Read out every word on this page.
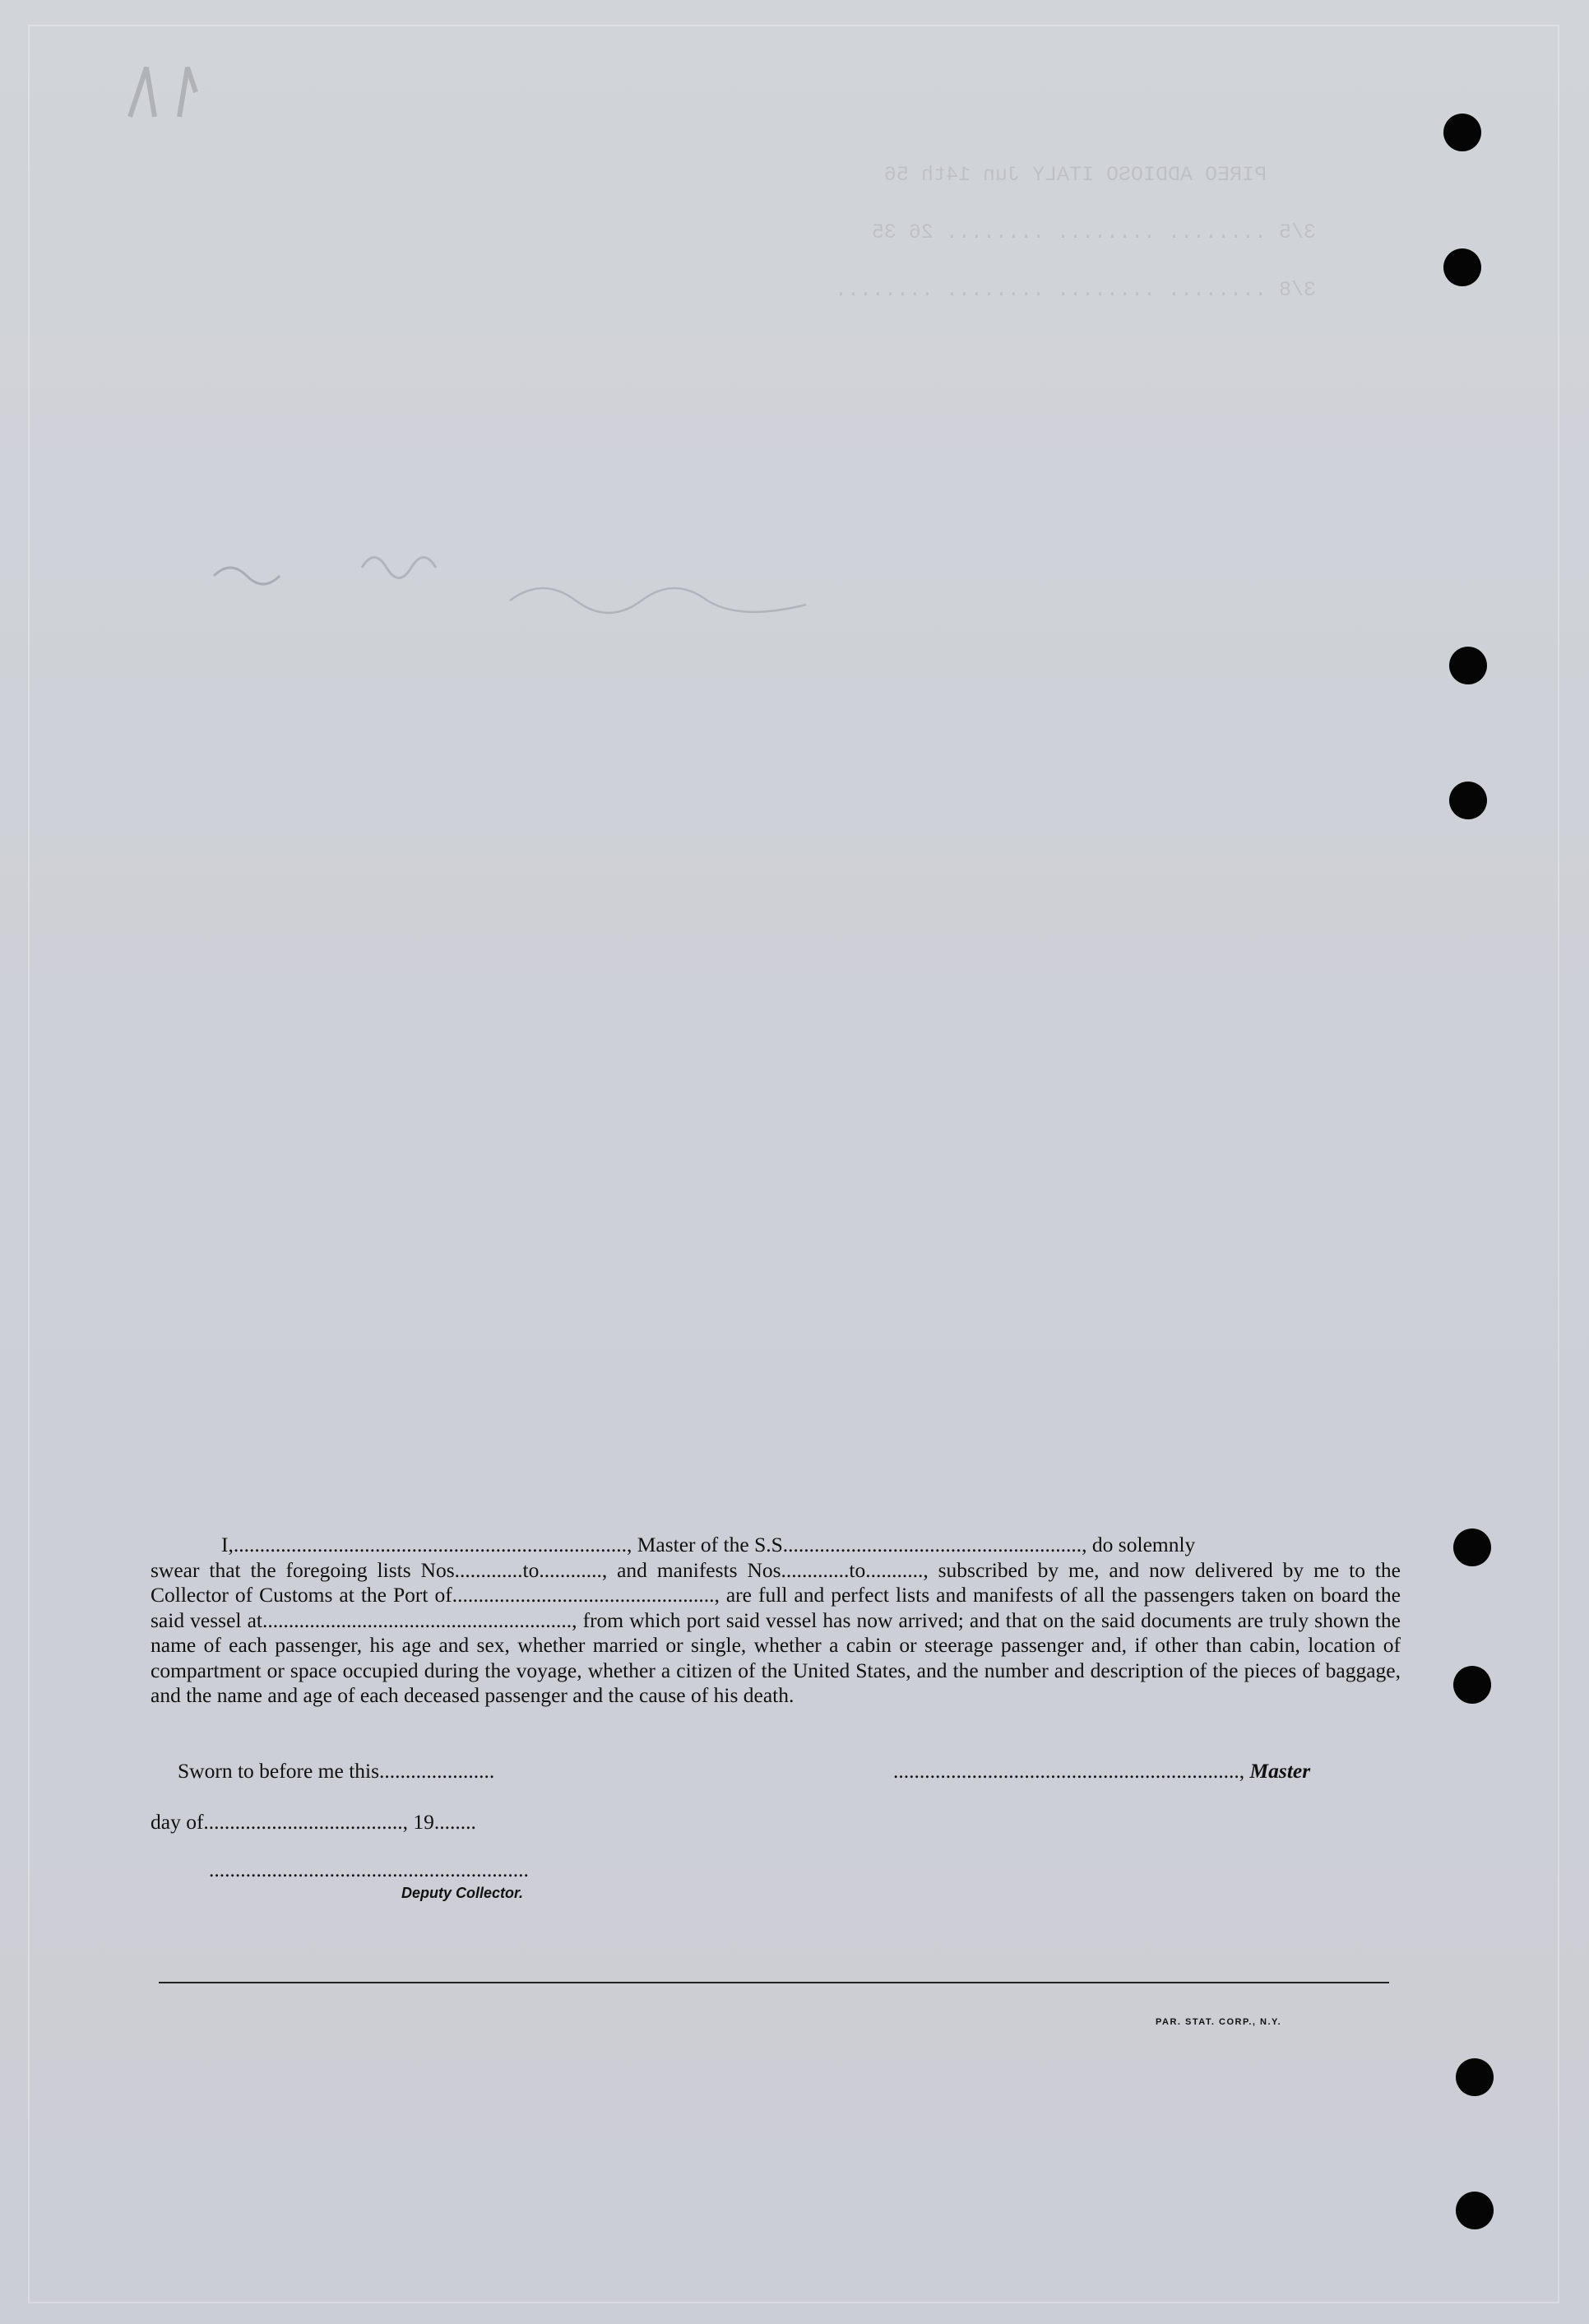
PIREO ADDIOSO ITALY Jun 14th 56
3/5 ........ ........ ........ 26 35
3/8 ........ ........ ........ ........
I,..........................................................................., Master of the S.S........................................................., do solemnly
swear that the foregoing lists Nos.............to............, and manifests Nos.............to..........., subscribed by me, and now delivered by me to the Collector of Customs at the Port of.................................................., are full and perfect lists and manifests of all the passengers taken on board the said vessel at..........................................................., from which port said vessel has now arrived; and that on the said documents are truly shown the name of each passenger, his age and sex, whether married or single, whether a cabin or steerage passenger and, if other than cabin, location of compartment or space occupied during the voyage, whether a citizen of the United States, and the number and description of the pieces of baggage, and the name and age of each deceased passenger and the cause of his death.
Sworn to before me this......................	.................................................................., Master
day of......................................, 19........
.............................................................
Deputy Collector.
PAR. STAT. CORP., N.Y.
